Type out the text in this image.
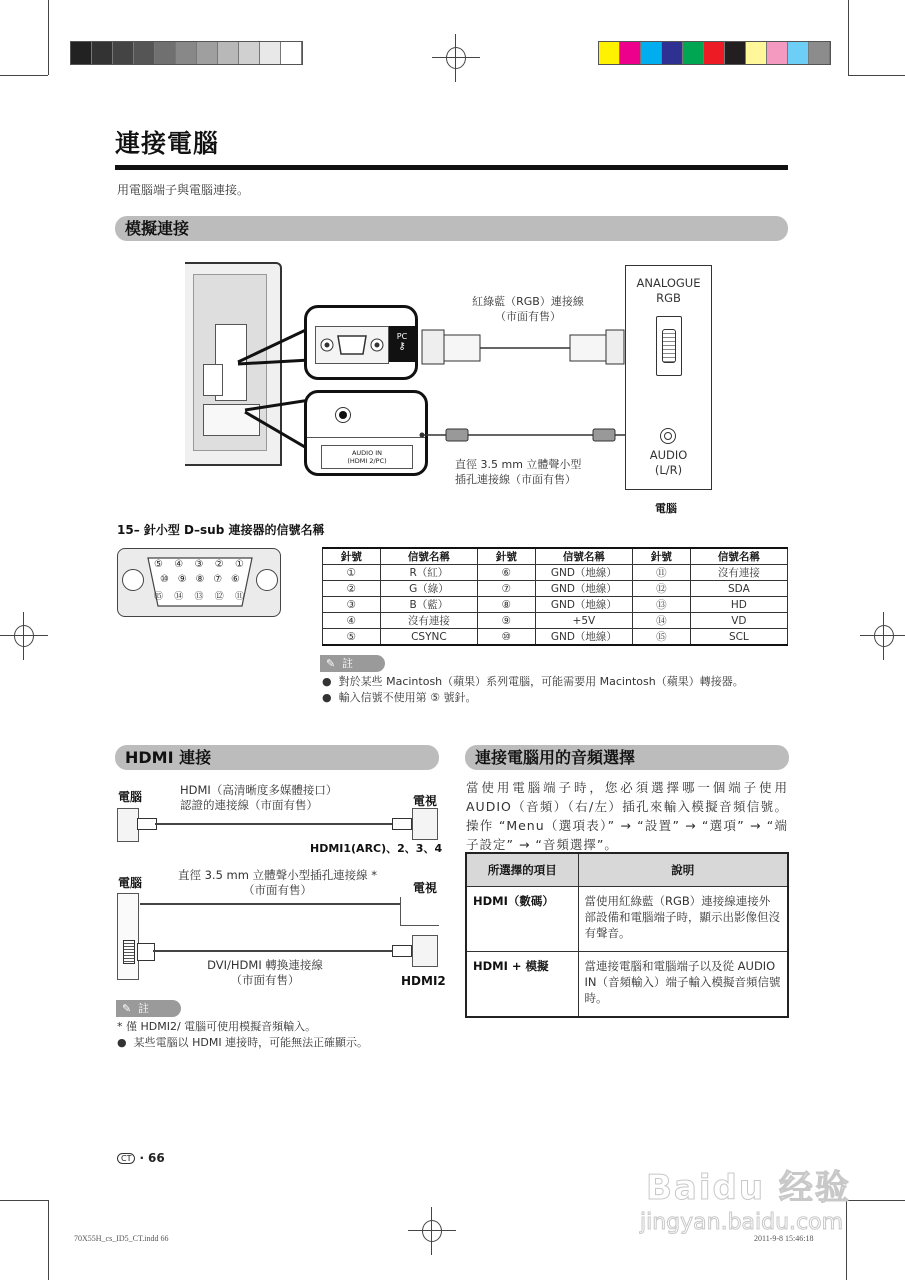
連接電腦
用電腦端子與電腦連接。
模擬連接
PC
⚷
AUDIO IN
(HDMI 2/PC)
紅綠藍（RGB）連接線
（市面有售）
直徑 3.5 mm 立體聲小型
插孔連接線（市面有售）
ANALOGUE
RGB
AUDIO
(L/R)
電腦
15– 針小型 D–sub 連接器的信號名稱
⑤ ④ ③ ② ①
⑩ ⑨ ⑧ ⑦ ⑥
⑮ ⑭ ⑬ ⑫ ⑪
針號	信號名稱	針號	信號名稱	針號	信號名稱
①	R（紅）	⑥	GND（地線）	⑪	沒有連接
②	G（綠）	⑦	GND（地線）	⑫	SDA
③	B（藍）	⑧	GND（地線）	⑬	HD
④	沒有連接	⑨	+5V	⑭	VD
⑤	CSYNC	⑩	GND（地線）	⑮	SCL
✎ 註
●  對於某些 Macintosh（蘋果）系列電腦，可能需要用 Macintosh（蘋果）轉接器。
●  輸入信號不使用第 ⑤ 號針。
HDMI 連接
電腦	HDMI（高清晰度多媒體接口）
認證的連接線（市面有售）	電視
HDMI1(ARC)、2、3、4
電腦
直徑 3.5 mm 立體聲小型插孔連接線 *
（市面有售）	電視
DVI/HDMI 轉換連接線
（市面有售）	HDMI2
✎ 註
* 僅 HDMI2/ 電腦可使用模擬音頻輸入。
●  某些電腦以 HDMI 連接時，可能無法正確顯示。
連接電腦用的音頻選擇
當使用電腦端子時，您必須選擇哪一個端子使用 AUDIO（音頻）（右/左）插孔來輸入模擬音頻信號。操作 “Menu（選項表）” → “設置” → “選項” → “端子設定” → “音頻選擇”。
所選擇的項目	說明
HDMI（數碼）	當使用紅綠藍（RGB）連接線連接外部設備和電腦端子時，顯示出影像但沒有聲音。
HDMI + 模擬	當連接電腦和電腦端子以及從 AUDIO IN（音頻輸入）端子輸入模擬音頻信號時。
CT · 66
70X55H_cs_ID5_CT.indd 66	2011-9-8 15:46:18
Baidu 经验
jingyan.baidu.com
